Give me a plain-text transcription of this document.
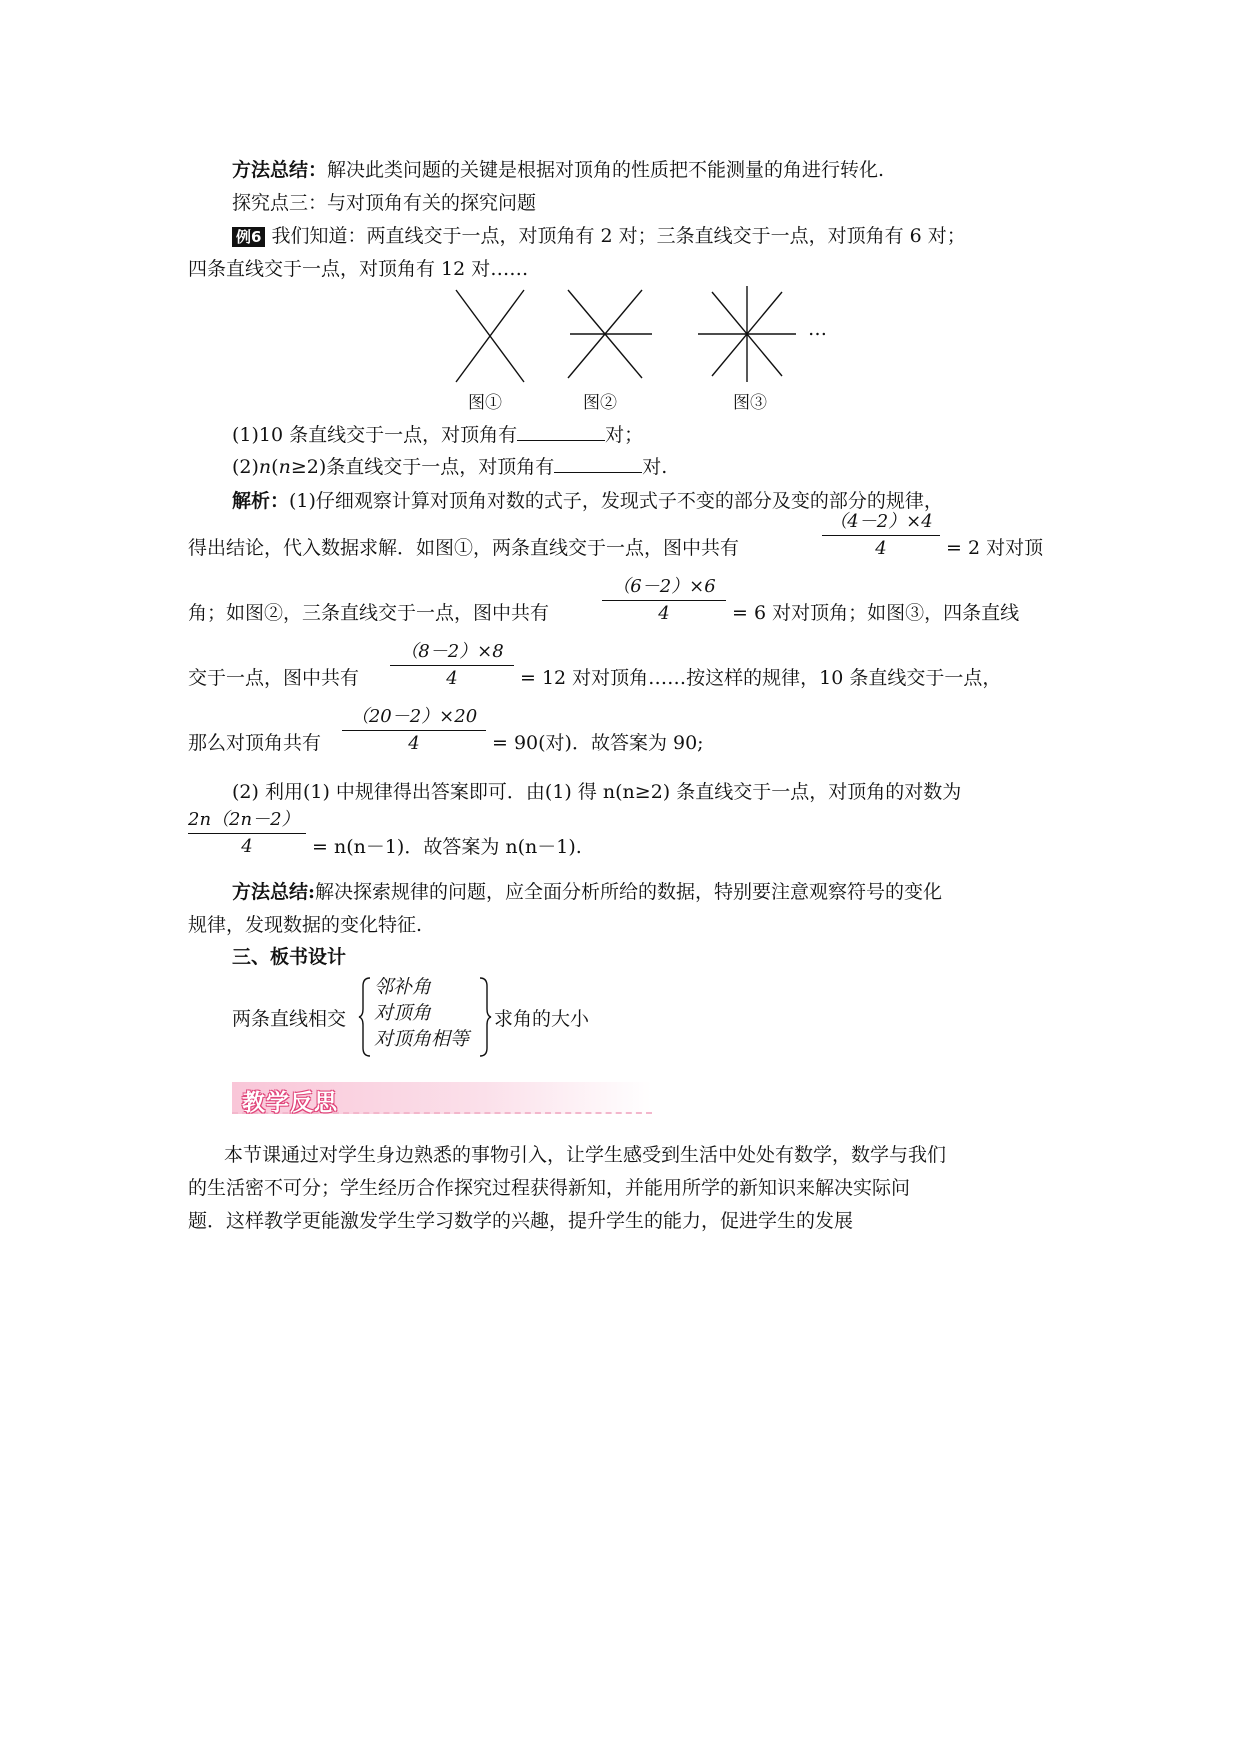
方法总结：解决此类问题的关键是根据对顶角的性质把不能测量的角进行转化.
探究点三：与对顶角有关的探究问题
例6 我们知道：两直线交于一点，对顶角有 2 对；三条直线交于一点，对顶角有 6 对；
四条直线交于一点，对顶角有 12 对……
…
图①	图②	图③
(1)10 条直线交于一点，对顶角有	对；
(2)n(n≥2)条直线交于一点，对顶角有	对.
解析：(1)仔细观察计算对顶角对数的式子，发现式子不变的部分及变的部分的规律，
得出结论，代入数据求解．如图①，两条直线交于一点，图中共有
（4－2）×4
4	= 2 对对顶
角；如图②，三条直线交于一点，图中共有
（6－2）×6
4	= 6 对对顶角；如图③，四条直线
交于一点，图中共有
（8－2）×8
4	= 12 对对顶角……按这样的规律，10 条直线交于一点，
那么对顶角共有
（20－2）×20
4	= 90(对)．故答案为 90;
(2) 利用(1) 中规律得出答案即可．由(1) 得 n(n≥2) 条直线交于一点，对顶角的对数为
2n（2n－2）
4	= n(n－1)．故答案为 n(n－1).
方法总结:解决探索规律的问题，应全面分析所给的数据，特别要注意观察符号的变化
规律，发现数据的变化特征.
三、板书设计
两条直线相交
邻补角
对顶角
对顶角相等
求角的大小
教学反思
本节课通过对学生身边熟悉的事物引入，让学生感受到生活中处处有数学，数学与我们
的生活密不可分；学生经历合作探究过程获得新知，并能用所学的新知识来解决实际问
题．这样教学更能激发学生学习数学的兴趣，提升学生的能力，促进学生的发展
